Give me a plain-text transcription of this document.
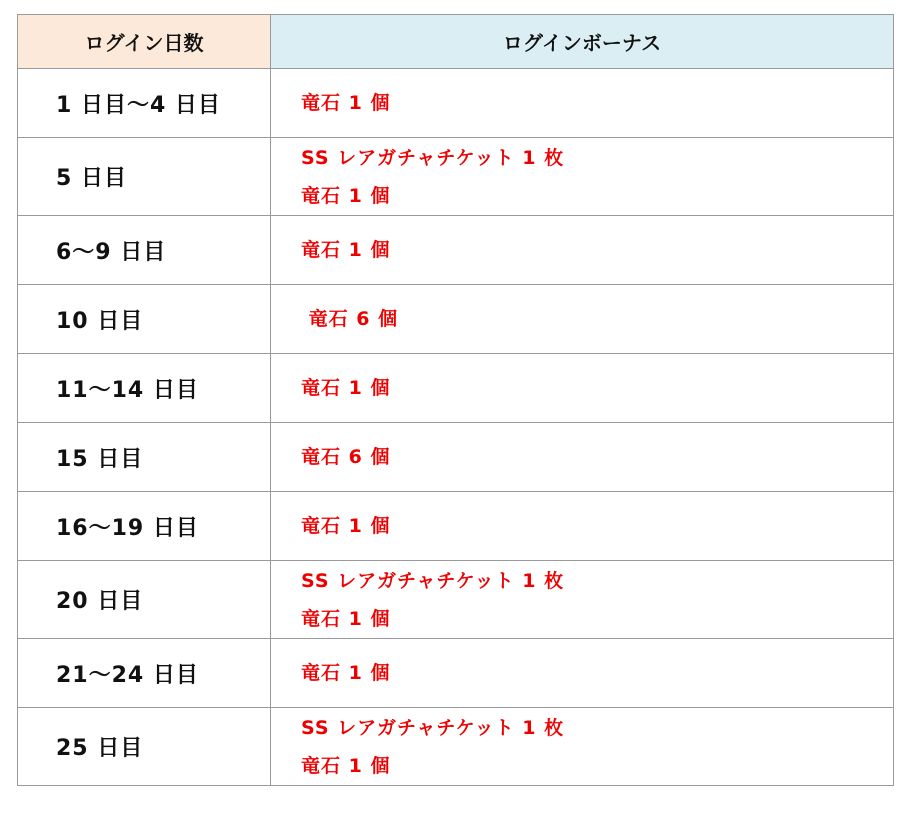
ログイン日数	ログインボーナス
1 日目～4 日目	竜石 1 個

5 日目	SS レアガチャチケット 1 枚
竜石 1 個

6～9 日目	竜石 1 個

10 日目	竜石 6 個

11～14 日目	竜石 1 個

15 日目	竜石 6 個

16～19 日目	竜石 1 個

20 日目	SS レアガチャチケット 1 枚
竜石 1 個

21～24 日目	竜石 1 個

25 日目	SS レアガチャチケット 1 枚
竜石 1 個
